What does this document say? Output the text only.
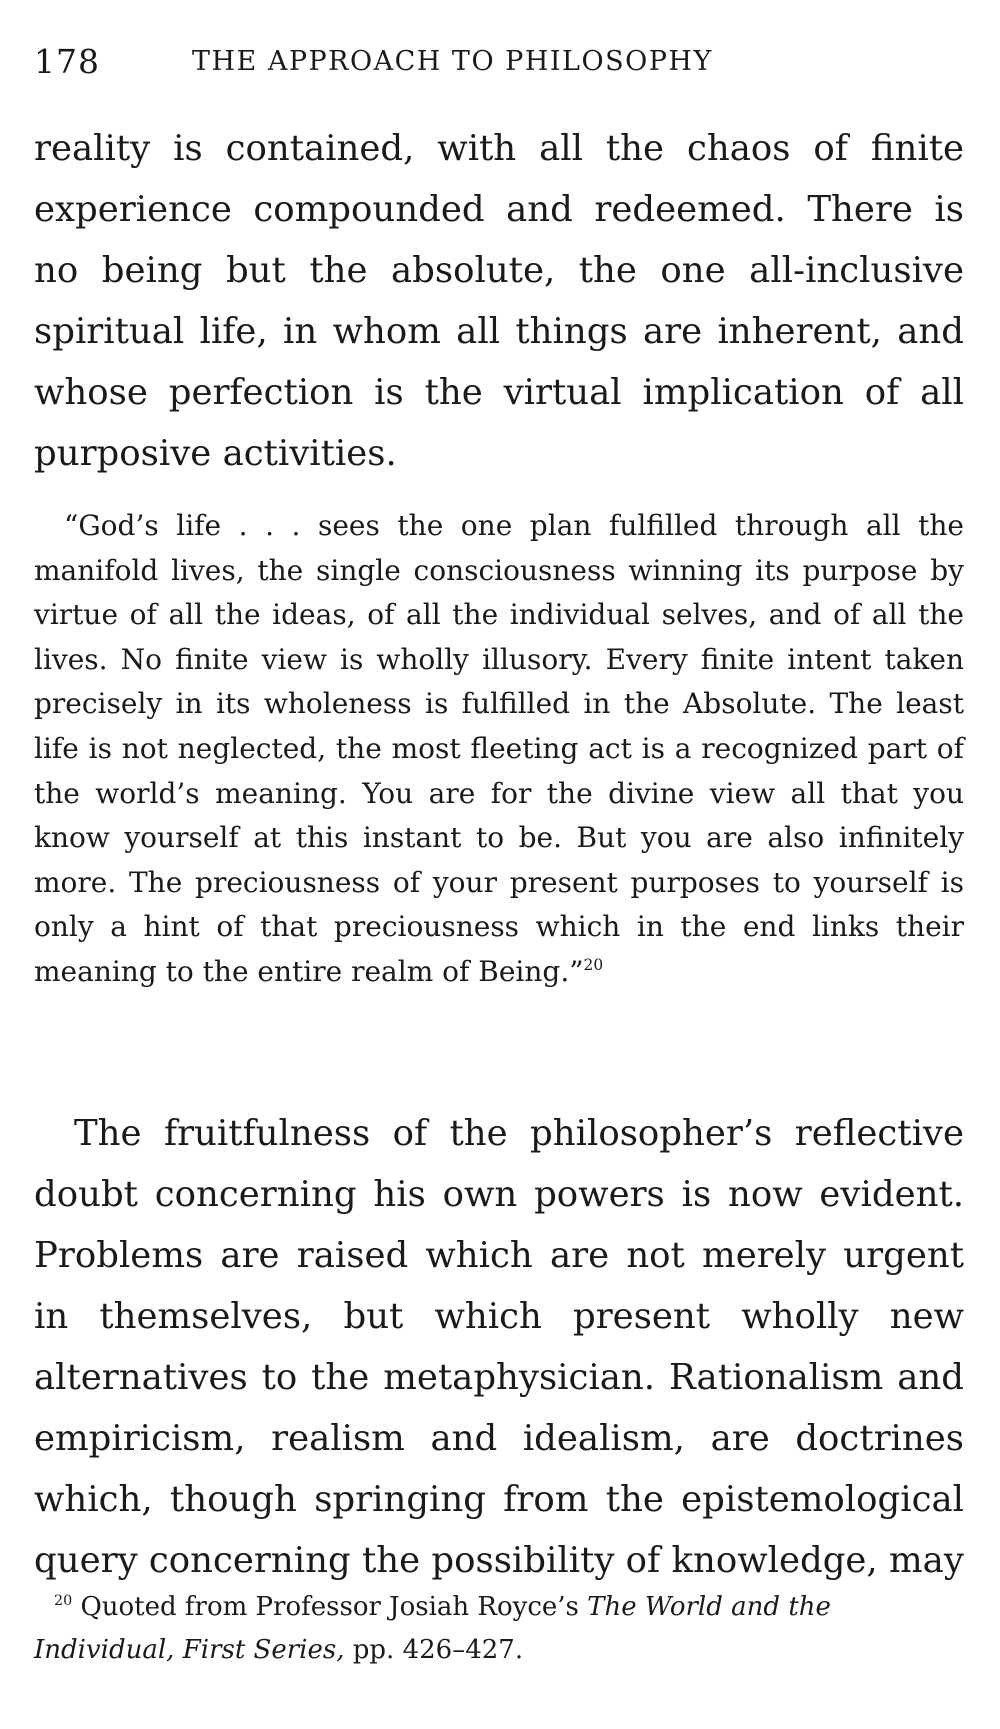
178	THE APPROACH TO PHILOSOPHY

reality is contained, with all the chaos of finite experience compounded and redeemed. There is no being but the absolute, the one all-inclusive spiritual life, in whom all things are inherent, and whose perfection is the virtual implication of all purposive activities.

“God’s life . . . sees the one plan fulfilled through all the manifold lives, the single consciousness winning its purpose by virtue of all the ideas, of all the individual selves, and of all the lives. No finite view is wholly illusory. Every finite intent taken precisely in its wholeness is fulfilled in the Absolute. The least life is not neglected, the most fleeting act is a recognized part of the world’s meaning. You are for the divine view all that you know yourself at this instant to be. But you are also infinitely more. The preciousness of your present purposes to yourself is only a hint of that preciousness which in the end links their meaning to the entire realm of Being.”$^{20}$

The fruitfulness of the philosopher’s reflective doubt concerning his own powers is now evident. Problems are raised which are not merely urgent in themselves, but which present wholly new alternatives to the metaphysician. Rationalism and empiricism, realism and idealism, are doctrines which, though springing from the epistemological query concerning the possibility of knowledge, may

$^{20}$ Quoted from Professor Josiah Royce’s The World and the Individual, First Series, pp. 426–427.
